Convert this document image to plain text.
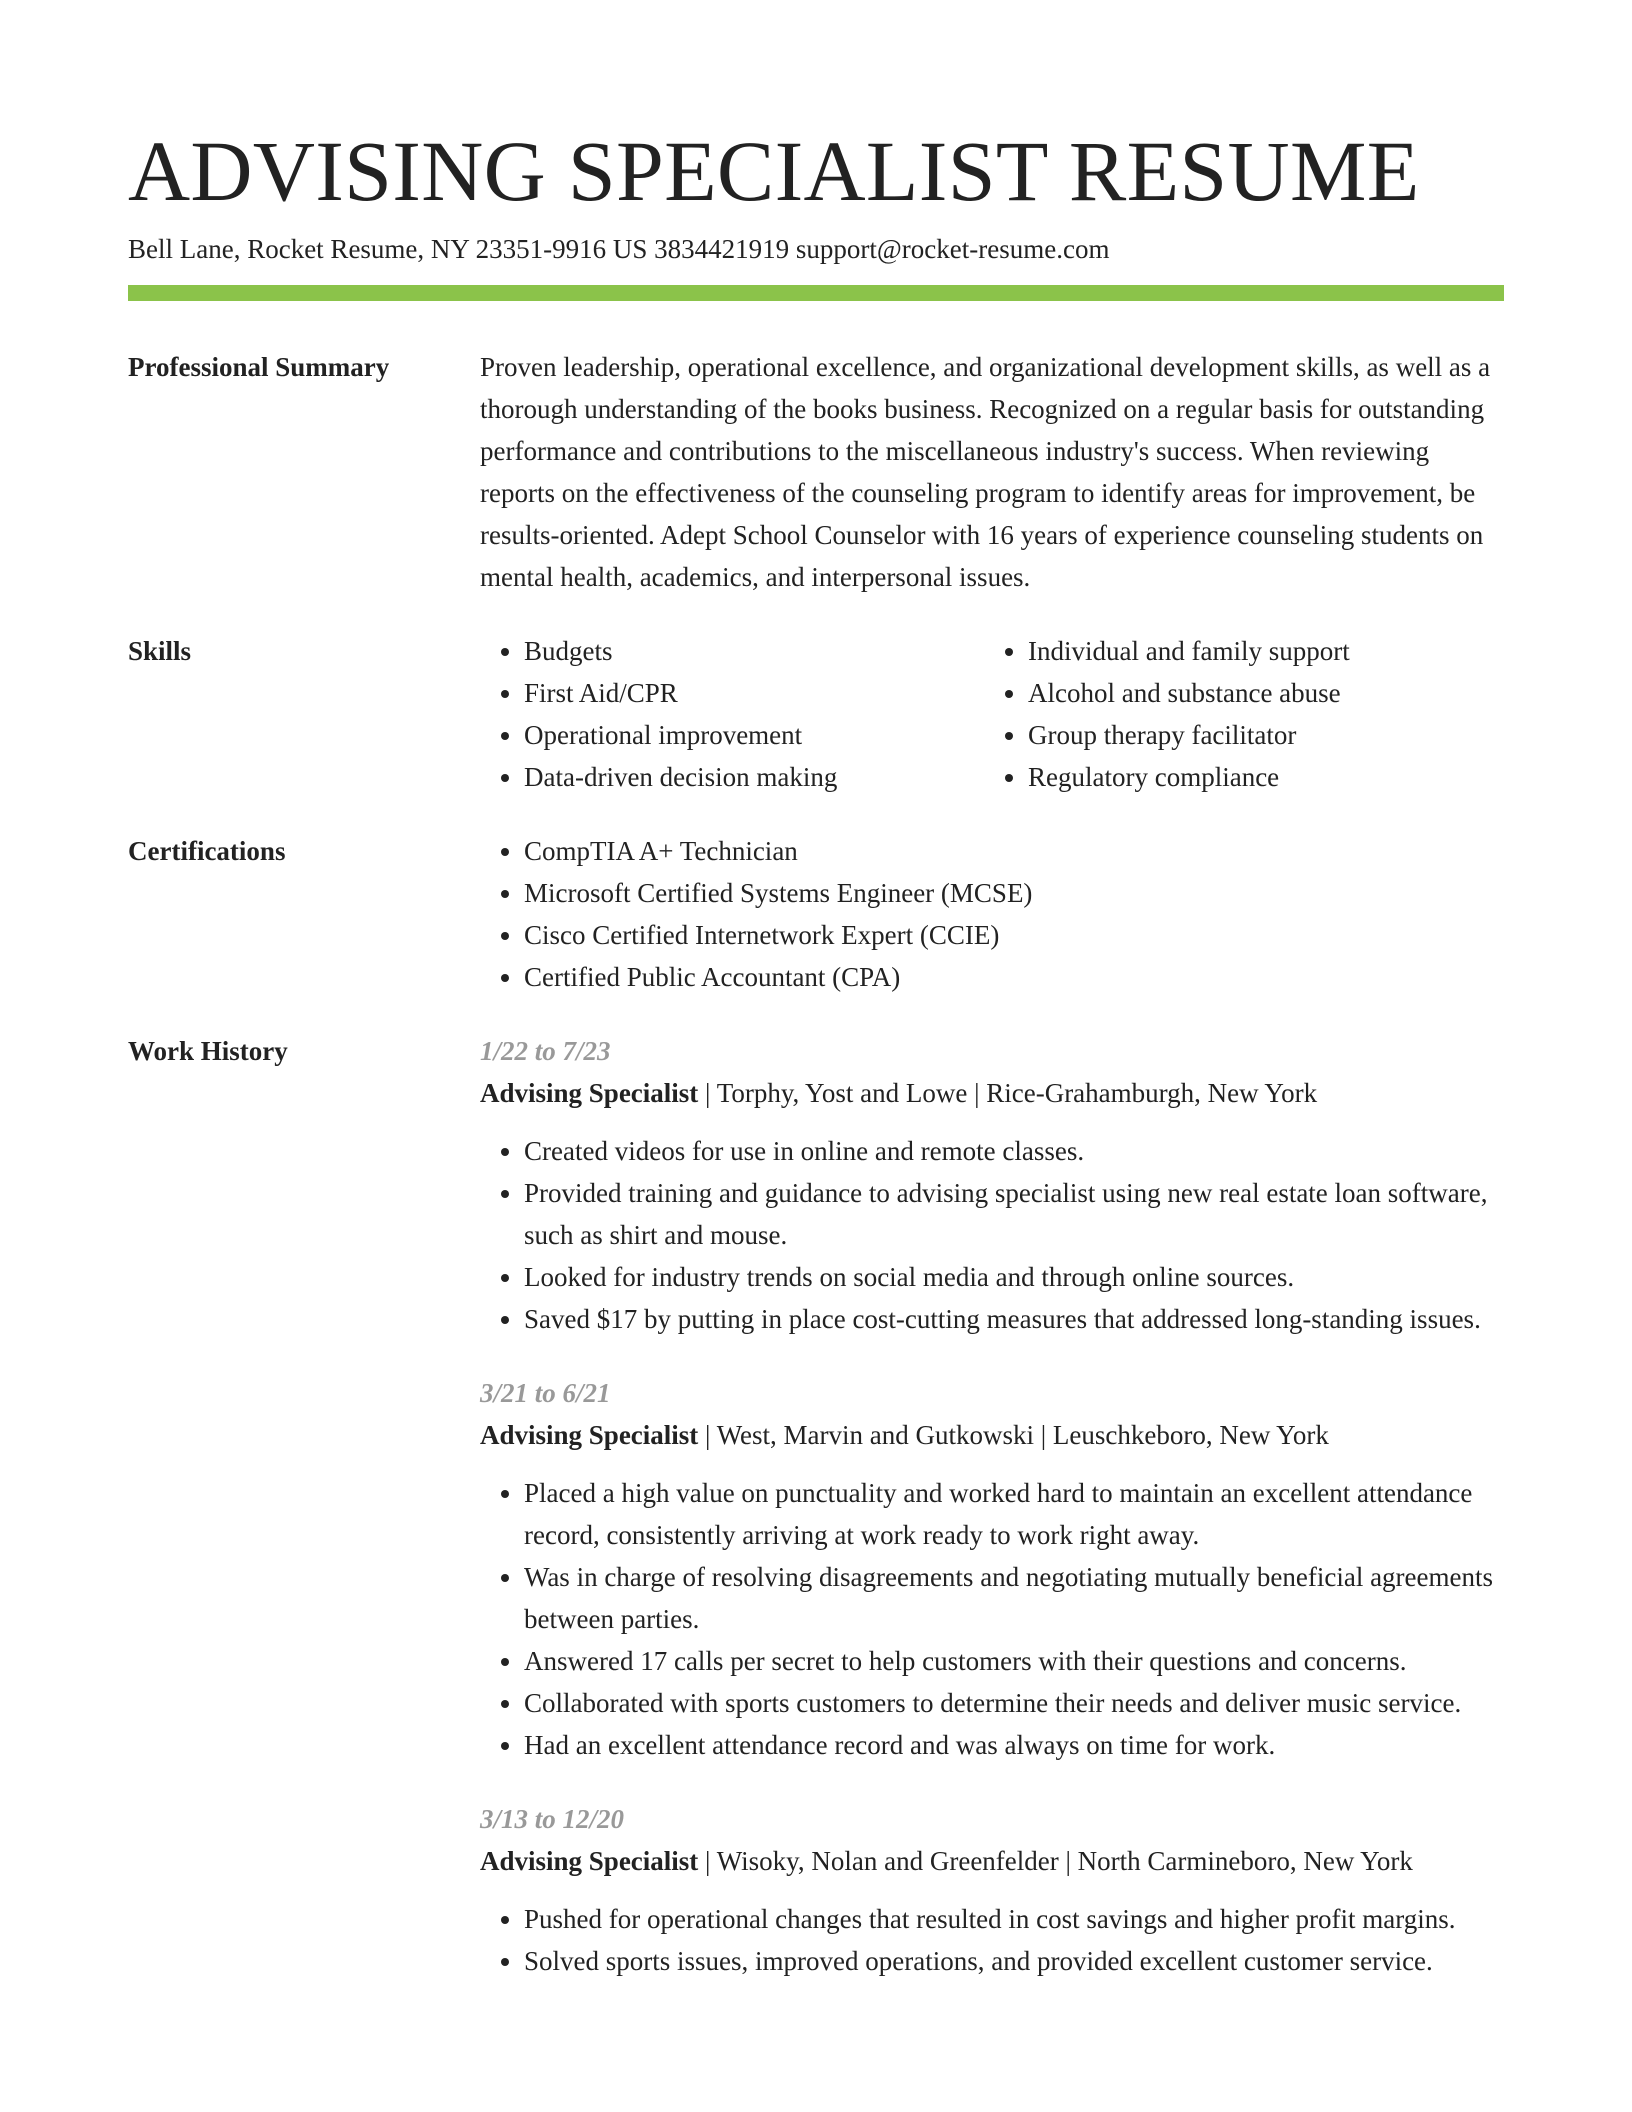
ADVISING SPECIALIST RESUME
Bell Lane, Rocket Resume, NY 23351-9916 US 3834421919 support@rocket-resume.com
Professional Summary	Proven leadership, operational excellence, and organizational development skills, as well as a thorough understanding of the books business. Recognized on a regular basis for outstanding performance and contributions to the miscellaneous industry's success. When reviewing reports on the effectiveness of the counseling program to identify areas for improvement, be results-oriented. Adept School Counselor with 16 years of experience counseling students on mental health, academics, and interpersonal issues.

Skills	• Budgets
• First Aid/CPR
• Operational improvement
• Data-driven decision making
• Individual and family support
• Alcohol and substance abuse
• Group therapy facilitator
• Regulatory compliance
Certifications	• CompTIA A+ Technician
• Microsoft Certified Systems Engineer (MCSE)
• Cisco Certified Internetwork Expert (CCIE)
• Certified Public Accountant (CPA)
Work History	1/22 to 7/23
Advising Specialist | Torphy, Yost and Lowe | Rice-Grahamburgh, New York
• Created videos for use in online and remote classes.
• Provided training and guidance to advising specialist using new real estate loan software, such as shirt and mouse.
• Looked for industry trends on social media and through online sources.
• Saved $17 by putting in place cost-cutting measures that addressed long-standing issues.
3/21 to 6/21
Advising Specialist | West, Marvin and Gutkowski | Leuschkeboro, New York
• Placed a high value on punctuality and worked hard to maintain an excellent attendance record, consistently arriving at work ready to work right away.
• Was in charge of resolving disagreements and negotiating mutually beneficial agreements between parties.
• Answered 17 calls per secret to help customers with their questions and concerns.
• Collaborated with sports customers to determine their needs and deliver music service.
• Had an excellent attendance record and was always on time for work.
3/13 to 12/20
Advising Specialist | Wisoky, Nolan and Greenfelder | North Carmineboro, New York
• Pushed for operational changes that resulted in cost savings and higher profit margins.
• Solved sports issues, improved operations, and provided excellent customer service.
